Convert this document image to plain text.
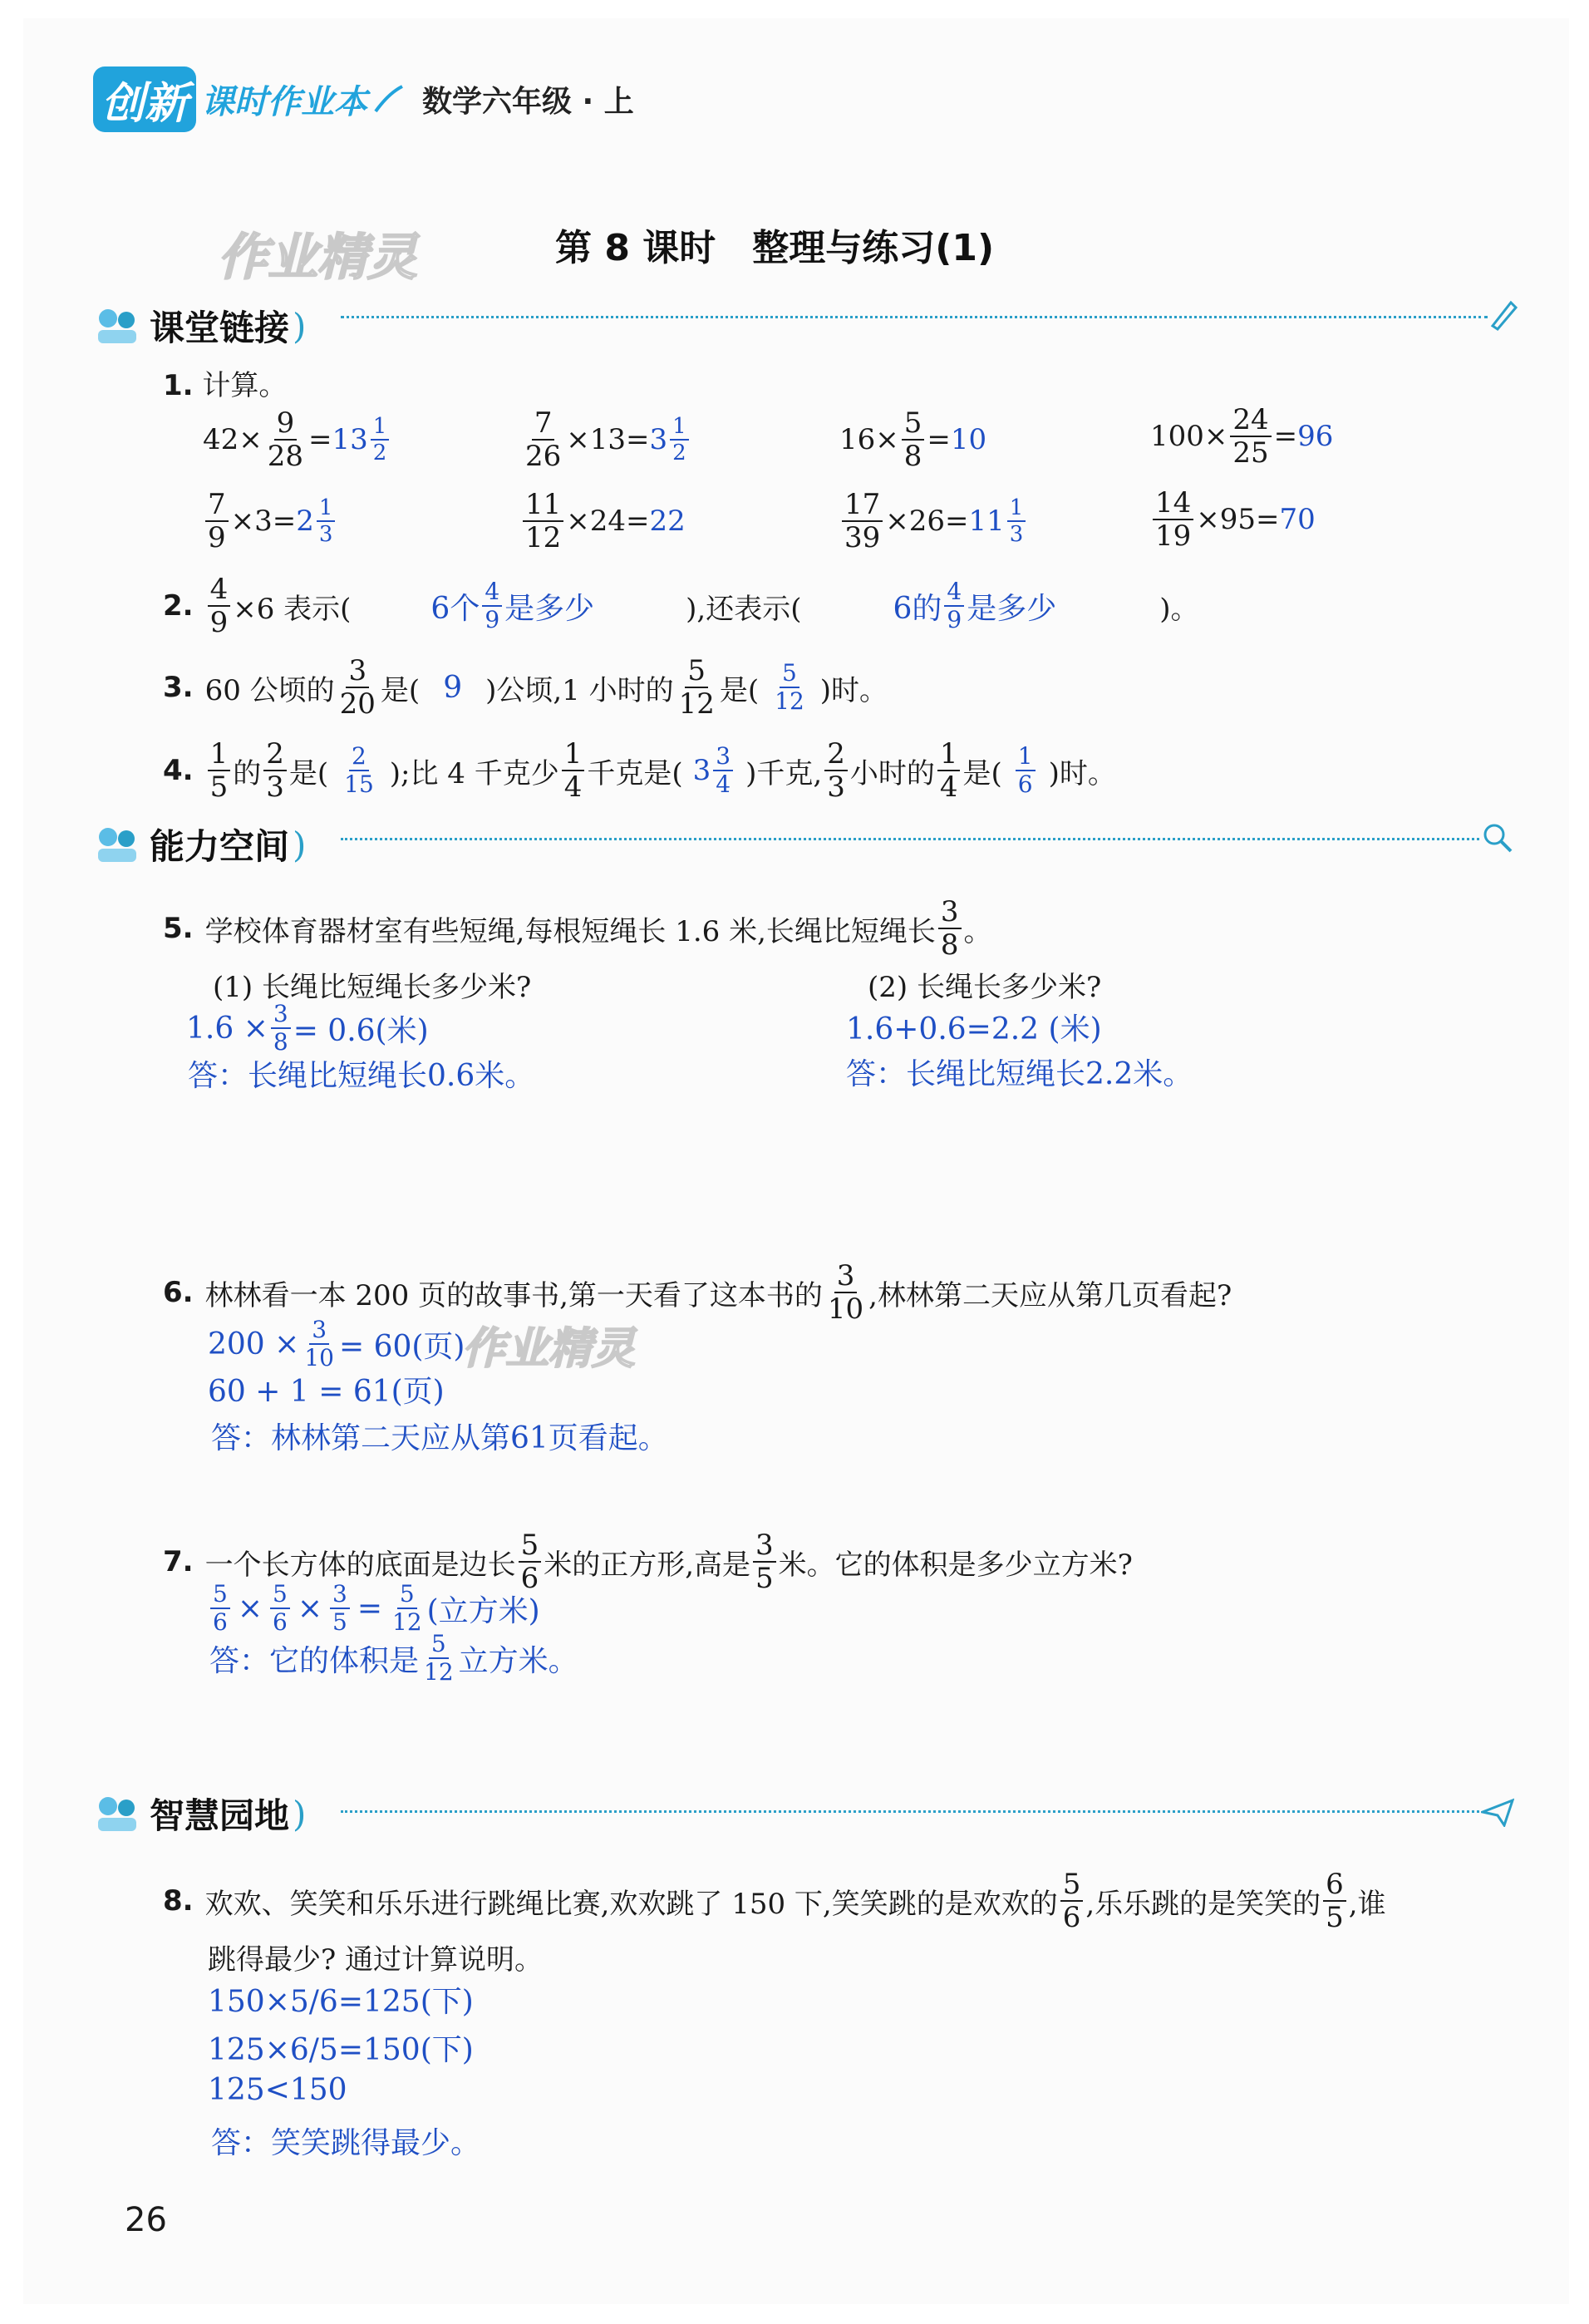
创新 课时作业本 数学六年级 · 上
作业精灵	第 8 课时　整理与练习(1)
课堂链接 )
1. 计算。
$42\times \frac{9}{28} = 13 \frac{1}{2}$	$\frac{7}{26} \times 13= 3 \frac{1}{2}$	$16\times \frac{5}{8} = 10$	$100\times \frac{24}{25} = 96$
$\frac{7}{9} \times 3= 2 \frac{1}{3}$	$\frac{11}{12} \times 24= 22$	$\frac{17}{39} \times 26= 11 \frac{1}{3}$	$\frac{14}{19} \times 95= 70$
2. $\frac{4}{9} \times 6$ 表示(	6个 $\frac{4}{9}$ 是多少	),还表示(	6的 $\frac{4}{9}$ 是多少	)。
3. 60 公顷的 $\frac{3}{20}$ 是( 9 )公顷,1 小时的 $\frac{5}{12}$ 是( $\frac{5}{12}$ )时。
4. $\frac{1}{5}$ 的 $\frac{2}{3}$ 是( $\frac{2}{15}$ );比 4 千克少 $\frac{1}{4}$ 千克是( $3 \frac{3}{4}$ )千克, $\frac{2}{3}$ 小时的 $\frac{1}{4}$ 是( $\frac{1}{6}$ )时。
能力空间 )
5. 学校体育器材室有些短绳,每根短绳长 1.6 米,长绳比短绳长 $\frac{3}{8}$ 。
(1) 长绳比短绳长多少米?	(2) 长绳长多少米?
$1.6 \times \frac{3}{8} = 0.6$(米)	1.6+0.6=2.2 (米)
答：长绳比短绳长0.6米。	答：长绳比短绳长2.2米。
6. 林林看一本 200 页的故事书,第一天看了这本书的 $\frac{3}{10}$ ,林林第二天应从第几页看起?
$200 \times \frac{3}{10} = 60$(页)
作业精灵
60 + 1 = 61(页)
答：林林第二天应从第61页看起。
7. 一个长方体的底面是边长 $\frac{5}{6}$ 米的正方形,高是 $\frac{3}{5}$ 米。它的体积是多少立方米?
$\frac{5}{6} \times \frac{5}{6} \times \frac{3}{5} = \frac{5}{12}$ (立方米)
答：它的体积是 $\frac{5}{12}$ 立方米。
智慧园地 )
8. 欢欢、笑笑和乐乐进行跳绳比赛,欢欢跳了 150 下,笑笑跳的是欢欢的 $\frac{5}{6}$ ,乐乐跳的是笑笑的 $\frac{6}{5}$ ,谁
跳得最少? 通过计算说明。
150×5/6=125(下)
125×6/5=150(下)
125<150
答：笑笑跳得最少。
26
